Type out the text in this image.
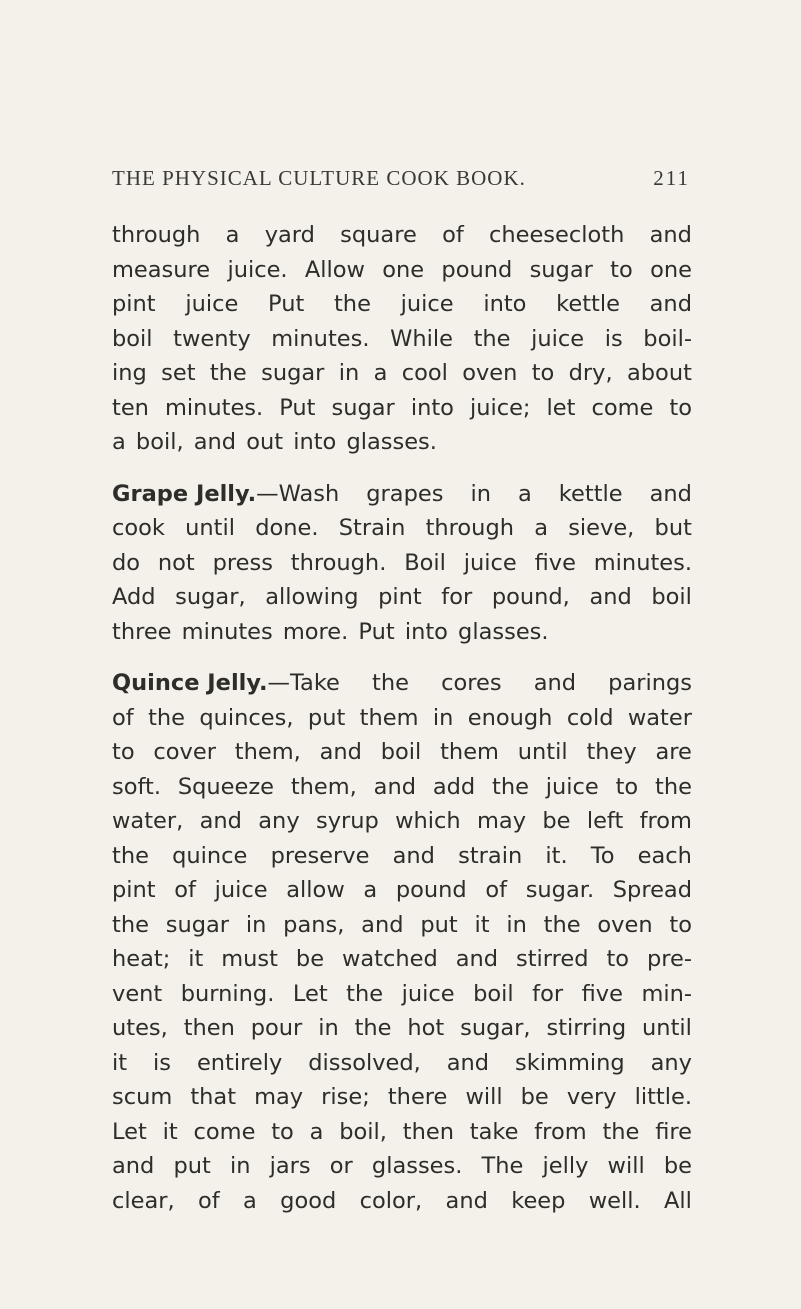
THE PHYSICAL CULTURE COOK BOOK.	211
through a yard square of cheesecloth and
measure juice. Allow one pound sugar to one
pint juice Put the juice into kettle and
boil twenty minutes. While the juice is boil-
ing set the sugar in a cool oven to dry, about
ten minutes. Put sugar into juice; let come to
a boil, and out into glasses.
Grape Jelly.—Wash grapes in a kettle and
cook until done. Strain through a sieve, but
do not press through. Boil juice five minutes.
Add sugar, allowing pint for pound, and boil
three minutes more. Put into glasses.
Quince Jelly.—Take the cores and parings
of the quinces, put them in enough cold water
to cover them, and boil them until they are
soft. Squeeze them, and add the juice to the
water, and any syrup which may be left from
the quince preserve and strain it. To each
pint of juice allow a pound of sugar. Spread
the sugar in pans, and put it in the oven to
heat; it must be watched and stirred to pre-
vent burning. Let the juice boil for five min-
utes, then pour in the hot sugar, stirring until
it is entirely dissolved, and skimming any
scum that may rise; there will be very little.
Let it come to a boil, then take from the fire
and put in jars or glasses. The jelly will be
clear, of a good color, and keep well. All
